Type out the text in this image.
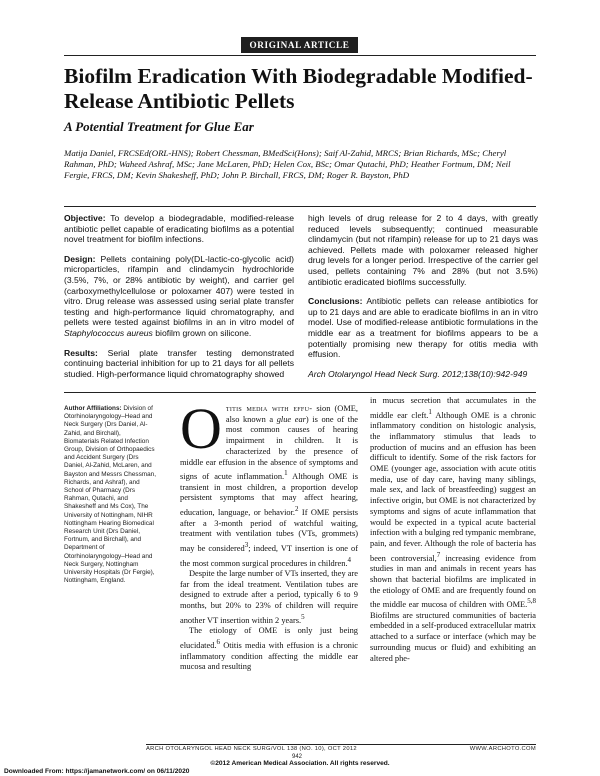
ORIGINAL ARTICLE
Biofilm Eradication With Biodegradable Modified-Release Antibiotic Pellets
A Potential Treatment for Glue Ear
Matija Daniel, FRCSEd(ORL-HNS); Robert Chessman, BMedSci(Hons); Saif Al-Zahid, MRCS; Brian Richards, MSc; Cheryl Rahman, PhD; Waheed Ashraf, MSc; Jane McLaren, PhD; Helen Cox, BSc; Omar Qutachi, PhD; Heather Fortnum, DM; Neil Fergie, FRCS, DM; Kevin Shakesheff, PhD; John P. Birchall, FRCS, DM; Roger R. Bayston, PhD

Objective: To develop a biodegradable, modified-release antibiotic pellet capable of eradicating biofilms as a potential novel treatment for biofilm infections.

Design: Pellets containing poly(DL-lactic-co-glycolic acid) microparticles, rifampin and clindamycin hydrochloride (3.5%, 7%, or 28% antibiotic by weight), and carrier gel (carboxymethylcellulose or poloxamer 407) were tested in vitro. Drug release was assessed using serial plate transfer testing and high-performance liquid chromatography, and pellets were tested against biofilms in an in vitro model of Staphylococcus aureus biofilm grown on silicone.

Results: Serial plate transfer testing demonstrated continuing bacterial inhibition for up to 21 days for all pellets studied. High-performance liquid chromatography showed

high levels of drug release for 2 to 4 days, with greatly reduced levels subsequently; continued measurable clindamycin (but not rifampin) release for up to 21 days was achieved. Pellets made with poloxamer released higher drug levels for a longer period. Irrespective of the carrier gel used, pellets containing 7% and 28% (but not 3.5%) antibiotic eradicated biofilms successfully.

Conclusions: Antibiotic pellets can release antibiotics for up to 21 days and are able to eradicate biofilms in an in vitro model. Use of modified-release antibiotic formulations in the middle ear as a treatment for biofilms appears to be a potentially promising new therapy for otitis media with effusion.

Arch Otolaryngol Head Neck Surg. 2012;138(10):942-949

Author Affiliations: Division of Otorhinolaryngology–Head and Neck Surgery (Drs Daniel, Al-Zahid, and Birchall), Biomaterials Related Infection Group, Division of Orthopaedics and Accident Surgery (Drs Daniel, Al-Zahid, McLaren, and Bayston and Messrs Chessman, Richards, and Ashraf), and School of Pharmacy (Drs Rahman, Qutachi, and Shakesheff and Ms Cox), The University of Nottingham, NIHR Nottingham Hearing Biomedical Research Unit (Drs Daniel, Fortnum, and Birchall), and Department of Otorhinolaryngology–Head and Neck Surgery, Nottingham University Hospitals (Dr Fergie), Nottingham, England.

Otitis media with effu- sion (OME, also known a glue ear) is one of the most common causes of hearing impairment in children. It is characterized by the presence of middle ear effusion in the absence of symptoms and signs of acute inflammation.$^1$ Although OME is transient in most children, a proportion develop persistent symptoms that may affect hearing, education, language, or behavior.$^2$ If OME persists after a 3-month period of watchful waiting, treatment with ventilation tubes (VTs, grommets) may be considered$^3$; indeed, VT insertion is one of the most common surgical procedures in children.$^4$

Despite the large number of VTs inserted, they are far from the ideal treatment. Ventilation tubes are designed to extrude after a period, typically 6 to 9 months, but 20% to 23% of children will require another VT insertion within 2 years.$^5$

The etiology of OME is only just being elucidated.$^6$ Otitis media with effusion is a chronic inflammatory condition affecting the middle ear mucosa and resulting

in mucus secretion that accumulates in the middle ear cleft.$^1$ Although OME is a chronic inflammatory condition on histologic analysis, the inflammatory stimulus that leads to production of mucins and an effusion has been difficult to identify. Some of the risk factors for OME (younger age, association with acute otitis media, use of day care, having many siblings, male sex, and lack of breastfeeding) suggest an infective origin, but OME is not characterized by symptoms and signs of acute inflammation that would be expected in a typical acute bacterial infection with a bulging red tympanic membrane, pain, and fever. Although the role of bacteria has been controversial,$^7$ increasing evidence from studies in man and animals in recent years has shown that bacterial biofilms are implicated in the etiology of OME and are frequently found on the middle ear mucosa of children with OME.$^{5,8}$ Biofilms are structured communities of bacteria embedded in a self-produced extracellular matrix attached to a surface or interface (which may be surrounding mucus or fluid) and exhibiting an altered phe-

ARCH OTOLARYNGOL HEAD NECK SURG/VOL 138 (NO. 10), OCT 2012	WWW.ARCHOTO.COM
942
©2012 American Medical Association. All rights reserved.
Downloaded From: https://jamanetwork.com/ on 06/11/2020
